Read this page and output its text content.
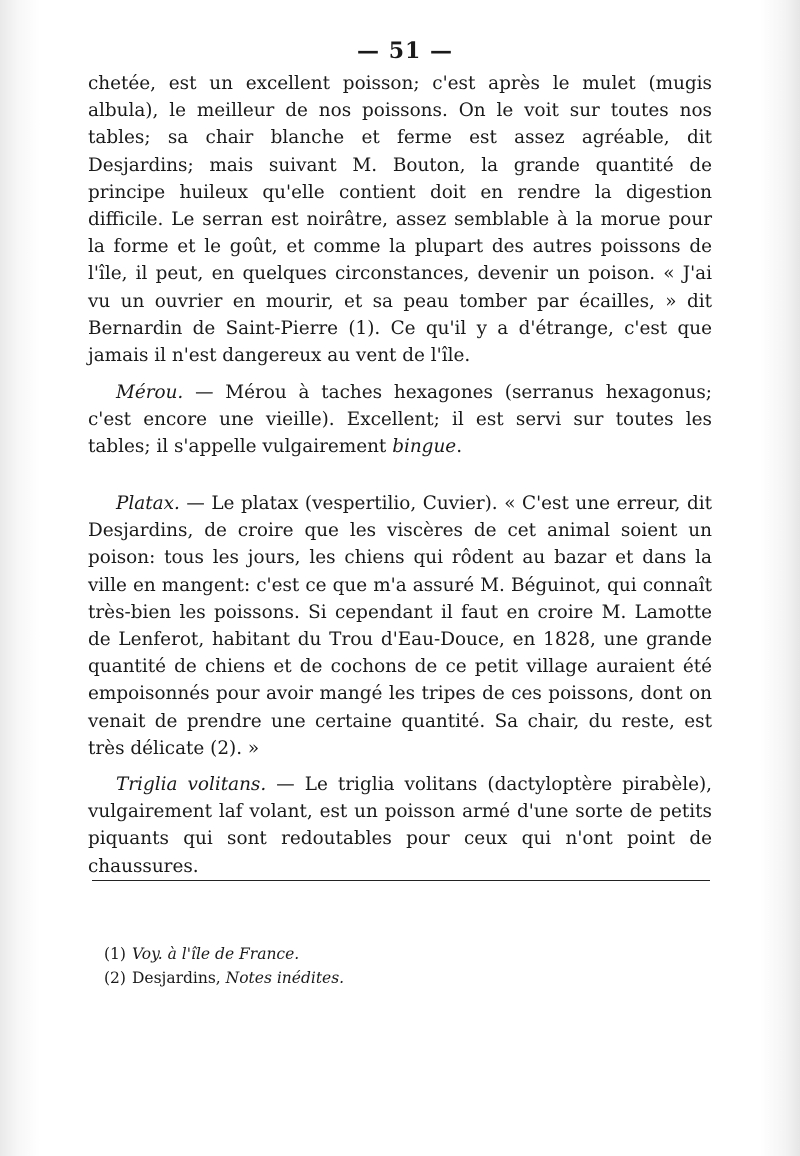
— 51 —

chetée, est un excellent poisson; c'est après le mulet (mugis albula), le meilleur de nos poissons. On le voit sur toutes nos tables; sa chair blanche et ferme est assez agréable, dit Desjardins; mais suivant M. Bouton, la grande quantité de principe huileux qu'elle contient doit en rendre la digestion difficile. Le serran est noirâtre, assez semblable à la morue pour la forme et le goût, et comme la plupart des autres poissons de l'île, il peut, en quelques circonstances, devenir un poison. « J'ai vu un ouvrier en mourir, et sa peau tomber par écailles, » dit Bernardin de Saint-Pierre (1). Ce qu'il y a d'étrange, c'est que jamais il n'est dangereux au vent de l'île.

Mérou. — Mérou à taches hexagones (serranus hexagonus; c'est encore une vieille). Excellent; il est servi sur toutes les tables; il s'appelle vulgairement bingue.

Platax. — Le platax (vespertilio, Cuvier). « C'est une erreur, dit Desjardins, de croire que les viscères de cet animal soient un poison: tous les jours, les chiens qui rôdent au bazar et dans la ville en mangent: c'est ce que m'a assuré M. Béguinot, qui connaît très-bien les poissons. Si cependant il faut en croire M. Lamotte de Lenferot, habitant du Trou d'Eau-Douce, en 1828, une grande quantité de chiens et de cochons de ce petit village auraient été empoisonnés pour avoir mangé les tripes de ces poissons, dont on venait de prendre une certaine quantité. Sa chair, du reste, est très délicate (2). »

Triglia volitans. — Le triglia volitans (dactyloptère pirabèle), vulgairement laf volant, est un poisson armé d'une sorte de petits piquants qui sont redoutables pour ceux qui n'ont point de chaussures.

(1) Voy. à l'île de France.

(2) Desjardins, Notes inédites.
